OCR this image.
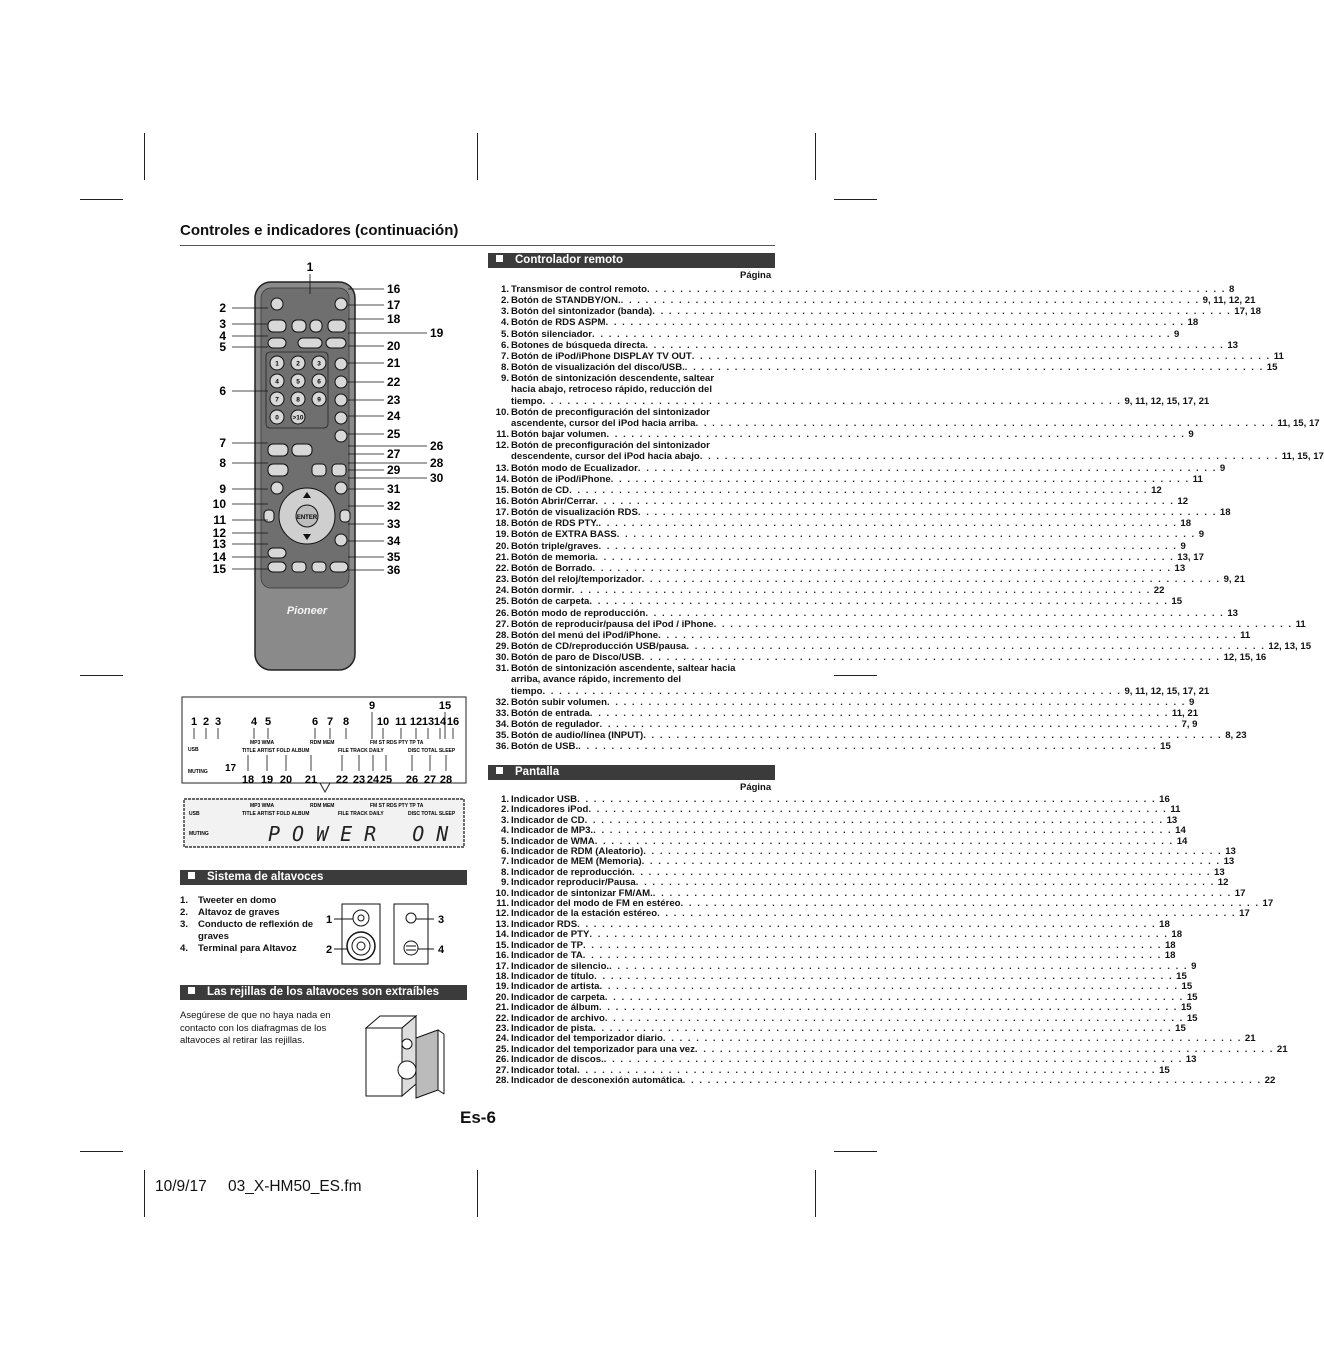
Controles e indicadores (continuación)
1	2	3
4	5	6
7	8	9
0 >10
ENTER
Pioneer
1
2
3
4
5
6
7
8
9
10
11
12
13
14
15
16
17
18
19
20
21
22
23
24
25
26
27
28
29
30
31
32
33
34
35
36
1 2 3	4 5	6 7 8
9
10 11 12 13 14
15
16
18 19 20 21 22 23 24 25 26 27 28
USB
MUTING 17
MP3 WMA	RDM MEM	FM ST RDS PTY TP TA
TITLE ARTIST FOLD ALBUM	FILE TRACK DAILY	DISC TOTAL SLEEP
MP3 WMA	RDM MEM	FM ST RDS PTY TP TA
TITLE ARTIST FOLD ALBUM	FILE TRACK DAILY	DISC TOTAL SLEEP
USB
MUTING	POWER ON
Sistema de altavoces
1.	Tweeter en domo
2.	Altavoz de graves
3.	Conducto de reflexión de graves
4.	Terminal para Altavoz
1
2
3
4
Las rejillas de los altavoces son extraíbles
Asegúrese de que no haya nada en contacto con los diafragmas de los altavoces al retirar las rejillas.
Controlador remoto
Página
1. Transmisor de control remoto . . . . . . . . . . . . . . . . . . . . . . . . . . . . . . . . . . . . . . . . . . . . . . . . . . . . . . . . . . . . . . . . . . . . . . 8
2. Botón de STANDBY/ON. . . . . . . . . . . . . . . . . . . . . . . . . . . . . . . . . . . . . . . . . . . . . . . . . . . . . . . . . . . . . . . . . . . . . . . 9, 11, 12, 21
3. Botón del sintonizador (banda) . . . . . . . . . . . . . . . . . . . . . . . . . . . . . . . . . . . . . . . . . . . . . . . . . . . . . . . . . . . . . . . . . . . . . . 17, 18
4. Botón de RDS ASPM . . . . . . . . . . . . . . . . . . . . . . . . . . . . . . . . . . . . . . . . . . . . . . . . . . . . . . . . . . . . . . . . . . . . . . 18
5. Botón silenciador . . . . . . . . . . . . . . . . . . . . . . . . . . . . . . . . . . . . . . . . . . . . . . . . . . . . . . . . . . . . . . . . . . . . . . 9
6. Botones de búsqueda directa . . . . . . . . . . . . . . . . . . . . . . . . . . . . . . . . . . . . . . . . . . . . . . . . . . . . . . . . . . . . . . . . . . . . . . 13
7. Botón de iPod/iPhone DISPLAY TV OUT . . . . . . . . . . . . . . . . . . . . . . . . . . . . . . . . . . . . . . . . . . . . . . . . . . . . . . . . . . . . . . . . . . . . . . 11
8. Botón de visualización del disco/USB. . . . . . . . . . . . . . . . . . . . . . . . . . . . . . . . . . . . . . . . . . . . . . . . . . . . . . . . . . . . . . . . . . . . . . . 15
9. Botón de sintonización descendente, saltear
hacia abajo, retroceso rápido, reducción del
tiempo . . . . . . . . . . . . . . . . . . . . . . . . . . . . . . . . . . . . . . . . . . . . . . . . . . . . . . . . . . . . . . . . . . . . . . 9, 11, 12, 15, 17, 21
10. Botón de preconfiguración del sintonizador
ascendente, cursor del iPod hacia arriba . . . . . . . . . . . . . . . . . . . . . . . . . . . . . . . . . . . . . . . . . . . . . . . . . . . . . . . . . . . . . . . . . . . . . . 11, 15, 17
11. Botón bajar volumen . . . . . . . . . . . . . . . . . . . . . . . . . . . . . . . . . . . . . . . . . . . . . . . . . . . . . . . . . . . . . . . . . . . . . . 9
12. Botón de preconfiguración del sintonizador
descendente, cursor del iPod hacia abajo . . . . . . . . . . . . . . . . . . . . . . . . . . . . . . . . . . . . . . . . . . . . . . . . . . . . . . . . . . . . . . . . . . . . . . 11, 15, 17
13. Botón modo de Ecualizador . . . . . . . . . . . . . . . . . . . . . . . . . . . . . . . . . . . . . . . . . . . . . . . . . . . . . . . . . . . . . . . . . . . . . . 9
14. Botón de iPod/iPhone . . . . . . . . . . . . . . . . . . . . . . . . . . . . . . . . . . . . . . . . . . . . . . . . . . . . . . . . . . . . . . . . . . . . . . 11
15. Botón de CD . . . . . . . . . . . . . . . . . . . . . . . . . . . . . . . . . . . . . . . . . . . . . . . . . . . . . . . . . . . . . . . . . . . . . . 12
16. Botón Abrir/Cerrar . . . . . . . . . . . . . . . . . . . . . . . . . . . . . . . . . . . . . . . . . . . . . . . . . . . . . . . . . . . . . . . . . . . . . . 12
17. Botón de visualización RDS . . . . . . . . . . . . . . . . . . . . . . . . . . . . . . . . . . . . . . . . . . . . . . . . . . . . . . . . . . . . . . . . . . . . . . 18
18. Botón de RDS PTY. . . . . . . . . . . . . . . . . . . . . . . . . . . . . . . . . . . . . . . . . . . . . . . . . . . . . . . . . . . . . . . . . . . . . . . 18
19. Botón de EXTRA BASS . . . . . . . . . . . . . . . . . . . . . . . . . . . . . . . . . . . . . . . . . . . . . . . . . . . . . . . . . . . . . . . . . . . . . . 9
20. Botón triple/graves . . . . . . . . . . . . . . . . . . . . . . . . . . . . . . . . . . . . . . . . . . . . . . . . . . . . . . . . . . . . . . . . . . . . . . 9
21. Botón de memoria . . . . . . . . . . . . . . . . . . . . . . . . . . . . . . . . . . . . . . . . . . . . . . . . . . . . . . . . . . . . . . . . . . . . . . 13, 17
22. Botón de Borrado . . . . . . . . . . . . . . . . . . . . . . . . . . . . . . . . . . . . . . . . . . . . . . . . . . . . . . . . . . . . . . . . . . . . . . 13
23. Botón del reloj/temporizador . . . . . . . . . . . . . . . . . . . . . . . . . . . . . . . . . . . . . . . . . . . . . . . . . . . . . . . . . . . . . . . . . . . . . . 9, 21
24. Botón dormir . . . . . . . . . . . . . . . . . . . . . . . . . . . . . . . . . . . . . . . . . . . . . . . . . . . . . . . . . . . . . . . . . . . . . . 22
25. Botón de carpeta . . . . . . . . . . . . . . . . . . . . . . . . . . . . . . . . . . . . . . . . . . . . . . . . . . . . . . . . . . . . . . . . . . . . . . 15
26. Botón modo de reproducción . . . . . . . . . . . . . . . . . . . . . . . . . . . . . . . . . . . . . . . . . . . . . . . . . . . . . . . . . . . . . . . . . . . . . . 13
27. Botón de reproducir/pausa del iPod / iPhone . . . . . . . . . . . . . . . . . . . . . . . . . . . . . . . . . . . . . . . . . . . . . . . . . . . . . . . . . . . . . . . . . . . . . . 11
28. Botón del menú del iPod/iPhone . . . . . . . . . . . . . . . . . . . . . . . . . . . . . . . . . . . . . . . . . . . . . . . . . . . . . . . . . . . . . . . . . . . . . . 11
29. Botón de CD/reproducción USB/pausa . . . . . . . . . . . . . . . . . . . . . . . . . . . . . . . . . . . . . . . . . . . . . . . . . . . . . . . . . . . . . . . . . . . . . . 12, 13, 15
30. Botón de paro de Disco/USB . . . . . . . . . . . . . . . . . . . . . . . . . . . . . . . . . . . . . . . . . . . . . . . . . . . . . . . . . . . . . . . . . . . . . . 12, 15, 16
31. Botón de sintonización ascendente, saltear hacia
arriba, avance rápido, incremento del
tiempo . . . . . . . . . . . . . . . . . . . . . . . . . . . . . . . . . . . . . . . . . . . . . . . . . . . . . . . . . . . . . . . . . . . . . . 9, 11, 12, 15, 17, 21
32. Botón subir volumen . . . . . . . . . . . . . . . . . . . . . . . . . . . . . . . . . . . . . . . . . . . . . . . . . . . . . . . . . . . . . . . . . . . . . . 9
33. Botón de entrada . . . . . . . . . . . . . . . . . . . . . . . . . . . . . . . . . . . . . . . . . . . . . . . . . . . . . . . . . . . . . . . . . . . . . . 11, 21
34. Botón de regulador . . . . . . . . . . . . . . . . . . . . . . . . . . . . . . . . . . . . . . . . . . . . . . . . . . . . . . . . . . . . . . . . . . . . . . 7, 9
35. Botón de audio/línea (INPUT) . . . . . . . . . . . . . . . . . . . . . . . . . . . . . . . . . . . . . . . . . . . . . . . . . . . . . . . . . . . . . . . . . . . . . . 8, 23
36. Botón de USB. . . . . . . . . . . . . . . . . . . . . . . . . . . . . . . . . . . . . . . . . . . . . . . . . . . . . . . . . . . . . . . . . . . . . . . 15
Pantalla
Página
1. Indicador USB . . . . . . . . . . . . . . . . . . . . . . . . . . . . . . . . . . . . . . . . . . . . . . . . . . . . . . . . . . . . . . . . . . . . . . 16
2. Indicadores iPod . . . . . . . . . . . . . . . . . . . . . . . . . . . . . . . . . . . . . . . . . . . . . . . . . . . . . . . . . . . . . . . . . . . . . . 11
3. Indicador de CD . . . . . . . . . . . . . . . . . . . . . . . . . . . . . . . . . . . . . . . . . . . . . . . . . . . . . . . . . . . . . . . . . . . . . . 13
4. Indicador de MP3. . . . . . . . . . . . . . . . . . . . . . . . . . . . . . . . . . . . . . . . . . . . . . . . . . . . . . . . . . . . . . . . . . . . . . . 14
5. Indicador de WMA . . . . . . . . . . . . . . . . . . . . . . . . . . . . . . . . . . . . . . . . . . . . . . . . . . . . . . . . . . . . . . . . . . . . . . 14
6. Indicador de RDM (Aleatorio) . . . . . . . . . . . . . . . . . . . . . . . . . . . . . . . . . . . . . . . . . . . . . . . . . . . . . . . . . . . . . . . . . . . . . . 13
7. Indicador de MEM (Memoria) . . . . . . . . . . . . . . . . . . . . . . . . . . . . . . . . . . . . . . . . . . . . . . . . . . . . . . . . . . . . . . . . . . . . . . 13
8. Indicador de reproducción . . . . . . . . . . . . . . . . . . . . . . . . . . . . . . . . . . . . . . . . . . . . . . . . . . . . . . . . . . . . . . . . . . . . . . 13
9. Indicador reproducir/Pausa . . . . . . . . . . . . . . . . . . . . . . . . . . . . . . . . . . . . . . . . . . . . . . . . . . . . . . . . . . . . . . . . . . . . . . 12
10. Indicador de sintonizar FM/AM. . . . . . . . . . . . . . . . . . . . . . . . . . . . . . . . . . . . . . . . . . . . . . . . . . . . . . . . . . . . . . . . . . . . . . . 17
11. Indicador del modo de FM en estéreo . . . . . . . . . . . . . . . . . . . . . . . . . . . . . . . . . . . . . . . . . . . . . . . . . . . . . . . . . . . . . . . . . . . . . . 17
12. Indicador de la estación estéreo . . . . . . . . . . . . . . . . . . . . . . . . . . . . . . . . . . . . . . . . . . . . . . . . . . . . . . . . . . . . . . . . . . . . . . 17
13. Indicador RDS . . . . . . . . . . . . . . . . . . . . . . . . . . . . . . . . . . . . . . . . . . . . . . . . . . . . . . . . . . . . . . . . . . . . . . 18
14. Indicador de PTY . . . . . . . . . . . . . . . . . . . . . . . . . . . . . . . . . . . . . . . . . . . . . . . . . . . . . . . . . . . . . . . . . . . . . . 18
15. Indicador de TP . . . . . . . . . . . . . . . . . . . . . . . . . . . . . . . . . . . . . . . . . . . . . . . . . . . . . . . . . . . . . . . . . . . . . . 18
16. Indicador de TA . . . . . . . . . . . . . . . . . . . . . . . . . . . . . . . . . . . . . . . . . . . . . . . . . . . . . . . . . . . . . . . . . . . . . . 18
17. Indicador de silencio. . . . . . . . . . . . . . . . . . . . . . . . . . . . . . . . . . . . . . . . . . . . . . . . . . . . . . . . . . . . . . . . . . . . . . . 9
18. Indicador de título . . . . . . . . . . . . . . . . . . . . . . . . . . . . . . . . . . . . . . . . . . . . . . . . . . . . . . . . . . . . . . . . . . . . . . 15
19. Indicador de artista . . . . . . . . . . . . . . . . . . . . . . . . . . . . . . . . . . . . . . . . . . . . . . . . . . . . . . . . . . . . . . . . . . . . . . 15
20. Indicador de carpeta . . . . . . . . . . . . . . . . . . . . . . . . . . . . . . . . . . . . . . . . . . . . . . . . . . . . . . . . . . . . . . . . . . . . . . 15
21. Indicador de álbum . . . . . . . . . . . . . . . . . . . . . . . . . . . . . . . . . . . . . . . . . . . . . . . . . . . . . . . . . . . . . . . . . . . . . . 15
22. Indicador de archivo . . . . . . . . . . . . . . . . . . . . . . . . . . . . . . . . . . . . . . . . . . . . . . . . . . . . . . . . . . . . . . . . . . . . . . 15
23. Indicador de pista . . . . . . . . . . . . . . . . . . . . . . . . . . . . . . . . . . . . . . . . . . . . . . . . . . . . . . . . . . . . . . . . . . . . . . 15
24. Indicador del temporizador diario . . . . . . . . . . . . . . . . . . . . . . . . . . . . . . . . . . . . . . . . . . . . . . . . . . . . . . . . . . . . . . . . . . . . . . 21
25. Indicador del temporizador para una vez . . . . . . . . . . . . . . . . . . . . . . . . . . . . . . . . . . . . . . . . . . . . . . . . . . . . . . . . . . . . . . . . . . . . . . 21
26. Indicador de discos. . . . . . . . . . . . . . . . . . . . . . . . . . . . . . . . . . . . . . . . . . . . . . . . . . . . . . . . . . . . . . . . . . . . . . . 13
27. Indicador total . . . . . . . . . . . . . . . . . . . . . . . . . . . . . . . . . . . . . . . . . . . . . . . . . . . . . . . . . . . . . . . . . . . . . . 15
28. Indicador de desconexión automática . . . . . . . . . . . . . . . . . . . . . . . . . . . . . . . . . . . . . . . . . . . . . . . . . . . . . . . . . . . . . . . . . . . . . . 22
Es-6
10/9/17 03_X-HM50_ES.fm
